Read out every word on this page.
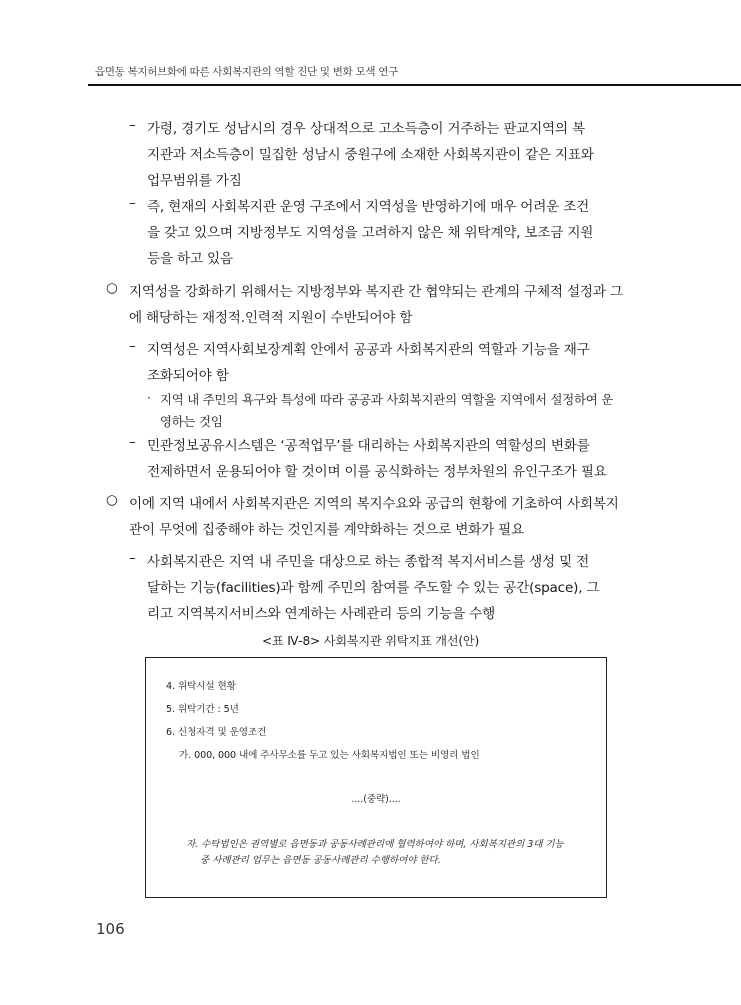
읍면동 복지허브화에 따른 사회복지관의 역할 진단 및 변화 모색 연구
– 가령, 경기도 성남시의 경우 상대적으로 고소득층이 거주하는 판교지역의 복
지관과 저소득층이 밀집한 성남시 중원구에 소재한 사회복지관이 같은 지표와
업무범위를 가짐
– 즉, 현재의 사회복지관 운영 구조에서 지역성을 반영하기에 매우 어려운 조건
을 갖고 있으며 지방정부도 지역성을 고려하지 않은 채 위탁계약, 보조금 지원
등을 하고 있음
○ 지역성을 강화하기 위해서는 지방정부와 복지관 간 협약되는 관계의 구체적 설정과 그
에 해당하는 재정적.인력적 지원이 수반되어야 함
– 지역성은 지역사회보장계획 안에서 공공과 사회복지관의 역할과 기능을 재구
조화되어야 함
· 지역 내 주민의 욕구와 특성에 따라 공공과 사회복지관의 역할을 지역에서 설정하여 운
영하는 것임
– 민관정보공유시스템은 ‘공적업무’를 대리하는 사회복지관의 역할성의 변화를
전제하면서 운용되어야 할 것이며 이를 공식화하는 정부차원의 유인구조가 필요
○ 이에 지역 내에서 사회복지관은 지역의 복지수요와 공급의 현황에 기초하여 사회복지
관이 무엇에 집중해야 하는 것인지를 계약화하는 것으로 변화가 필요
– 사회복지관은 지역 내 주민을 대상으로 하는 종합적 복지서비스를 생성 및 전
달하는 기능(facilities)과 함께 주민의 참여를 주도할 수 있는 공간(space), 그
리고 지역복지서비스와 연계하는 사례관리 등의 기능을 수행
<표 Ⅳ-8> 사회복지관 위탁지표 개선(안)
4. 위탁시설 현황
5. 위탁기간 : 5년
6. 신청자격 및 운영조건
가. 000, 000 내에 주사무소를 두고 있는 사회복지법인 또는 비영리 법인
....(중략)....
자. 수탁법인은 권역별로 읍면동과 공동사례관리에 협력하여야 하며, 사회복지관의 3대 기능
중 사례관리 업무는 읍면동 공동사례관리 수행하여야 한다.
106
